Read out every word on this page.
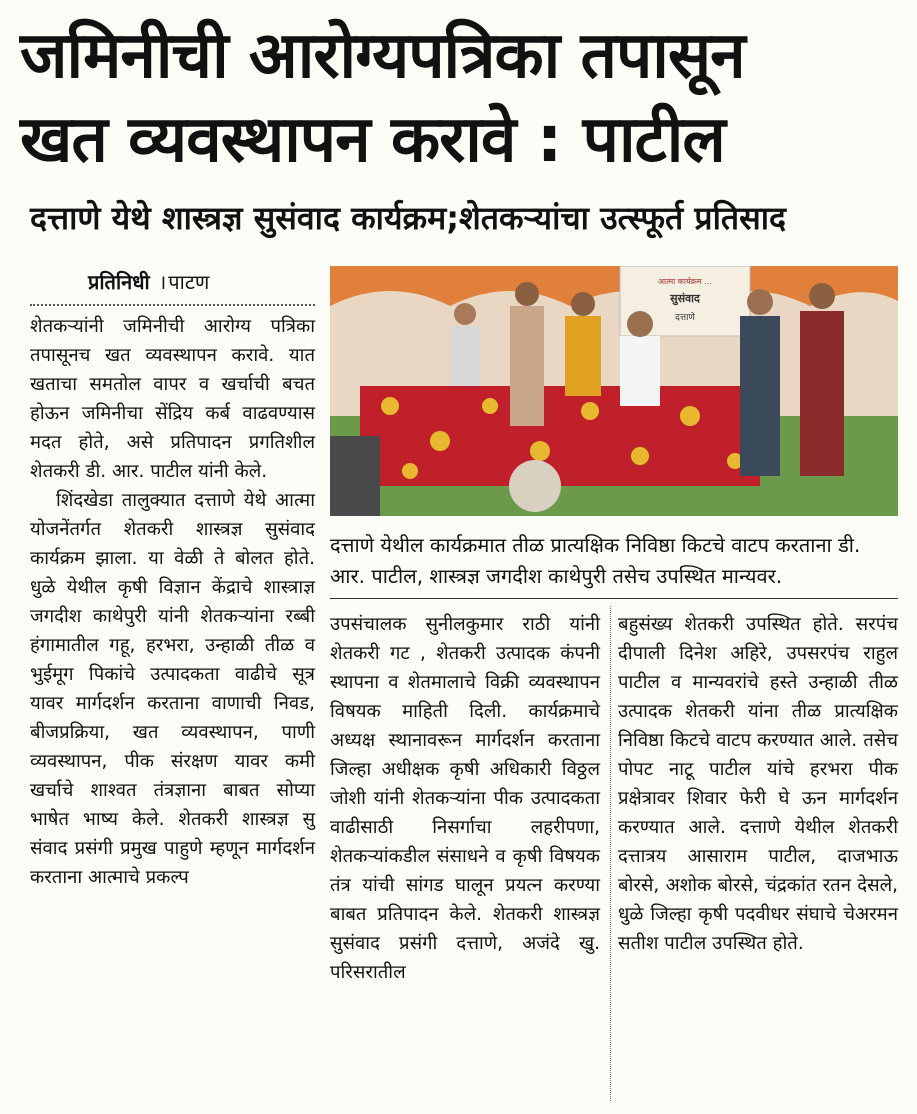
जमिनीची आरोग्यपत्रिका तपासून
खत व्यवस्थापन करावे : पाटील
दत्ताणे येथे शास्त्रज्ञ सुसंवाद कार्यक्रम;शेतकऱ्यांचा उत्स्फूर्त प्रतिसाद
प्रतिनिधी । पाटण

शेतकऱ्यांनी जमिनीची आरोग्य पत्रिका तपासूनच खत व्यवस्थापन करावे. यात खताचा समतोल वापर व खर्चाची बचत होऊन जमिनीचा सेंद्रिय कर्ब वाढवण्यास मदत होते, असे प्रतिपादन प्रगतिशील शेतकरी डी. आर. पाटील यांनी केले.

शिंदखेडा तालुक्यात दत्ताणे येथे आत्मा योजनेंतर्गत शेतकरी शास्त्रज्ञ सुसंवाद कार्यक्रम झाला. या वेळी ते बोलत होते. धुळे येथील कृषी विज्ञान केंद्राचे शास्त्राज्ञ जगदीश काथेपुरी यांनी शेतकऱ्यांना रब्बी हंगामातील गहू, हरभरा, उन्हाळी तीळ व भुईमूग पिकांचे उत्पादकता वाढीचे सूत्र यावर मार्गदर्शन करताना वाणाची निवड, बीजप्रक्रिया, खत व्यवस्थापन, पाणी व्यवस्थापन, पीक संरक्षण यावर कमी खर्चाचे शाश्वत तंत्रज्ञाना बाबत सोप्या भाषेत भाष्य केले. शेतकरी शास्त्रज्ञ सु संवाद प्रसंगी प्रमुख पाहुणे म्हणून मार्गदर्शन करताना आत्माचे प्रकल्प

आत्मा कार्यक्रम …
सुसंवाद
दत्ताणे
दत्ताणे येथील कार्यक्रमात तीळ प्रात्यक्षिक निविष्ठा किटचे वाटप करताना डी. आर. पाटील, शास्त्रज्ञ जगदीश काथेपुरी तसेच उपस्थित मान्यवर.

उपसंचालक सुनीलकुमार राठी यांनी शेतकरी गट , शेतकरी उत्पादक कंपनी स्थापना व शेतमालाचे विक्री व्यवस्थापन विषयक माहिती दिली. कार्यक्रमाचे अध्यक्ष स्थानावरून मार्गदर्शन करताना जिल्हा अधीक्षक कृषी अधिकारी विठ्ठल जोशी यांनी शेतकऱ्यांना पीक उत्पादकता वाढीसाठी निसर्गाचा लहरीपणा, शेतकऱ्यांकडील संसाधने व कृषी विषयक तंत्र यांची सांगड घालून प्रयत्न करण्या बाबत प्रतिपादन केले. शेतकरी शास्त्रज्ञ सुसंवाद प्रसंगी दत्ताणे, अजंदे खु. परिसरातील

बहुसंख्य शेतकरी उपस्थित होते. सरपंच दीपाली दिनेश अहिरे, उपसरपंच राहुल पाटील व मान्यवरांचे हस्ते उन्हाळी तीळ उत्पादक शेतकरी यांना तीळ प्रात्यक्षिक निविष्ठा किटचे वाटप करण्यात आले. तसेच पोपट नाटू पाटील यांचे हरभरा पीक प्रक्षेत्रावर शिवार फेरी घे ऊन मार्गदर्शन करण्यात आले. दत्ताणे येथील शेतकरी दत्तात्रय आसाराम पाटील, दाजभाऊ बोरसे, अशोक बोरसे, चंद्रकांत रतन देसले, धुळे जिल्हा कृषी पदवीधर संघाचे चेअरमन सतीश पाटील उपस्थित होते.
